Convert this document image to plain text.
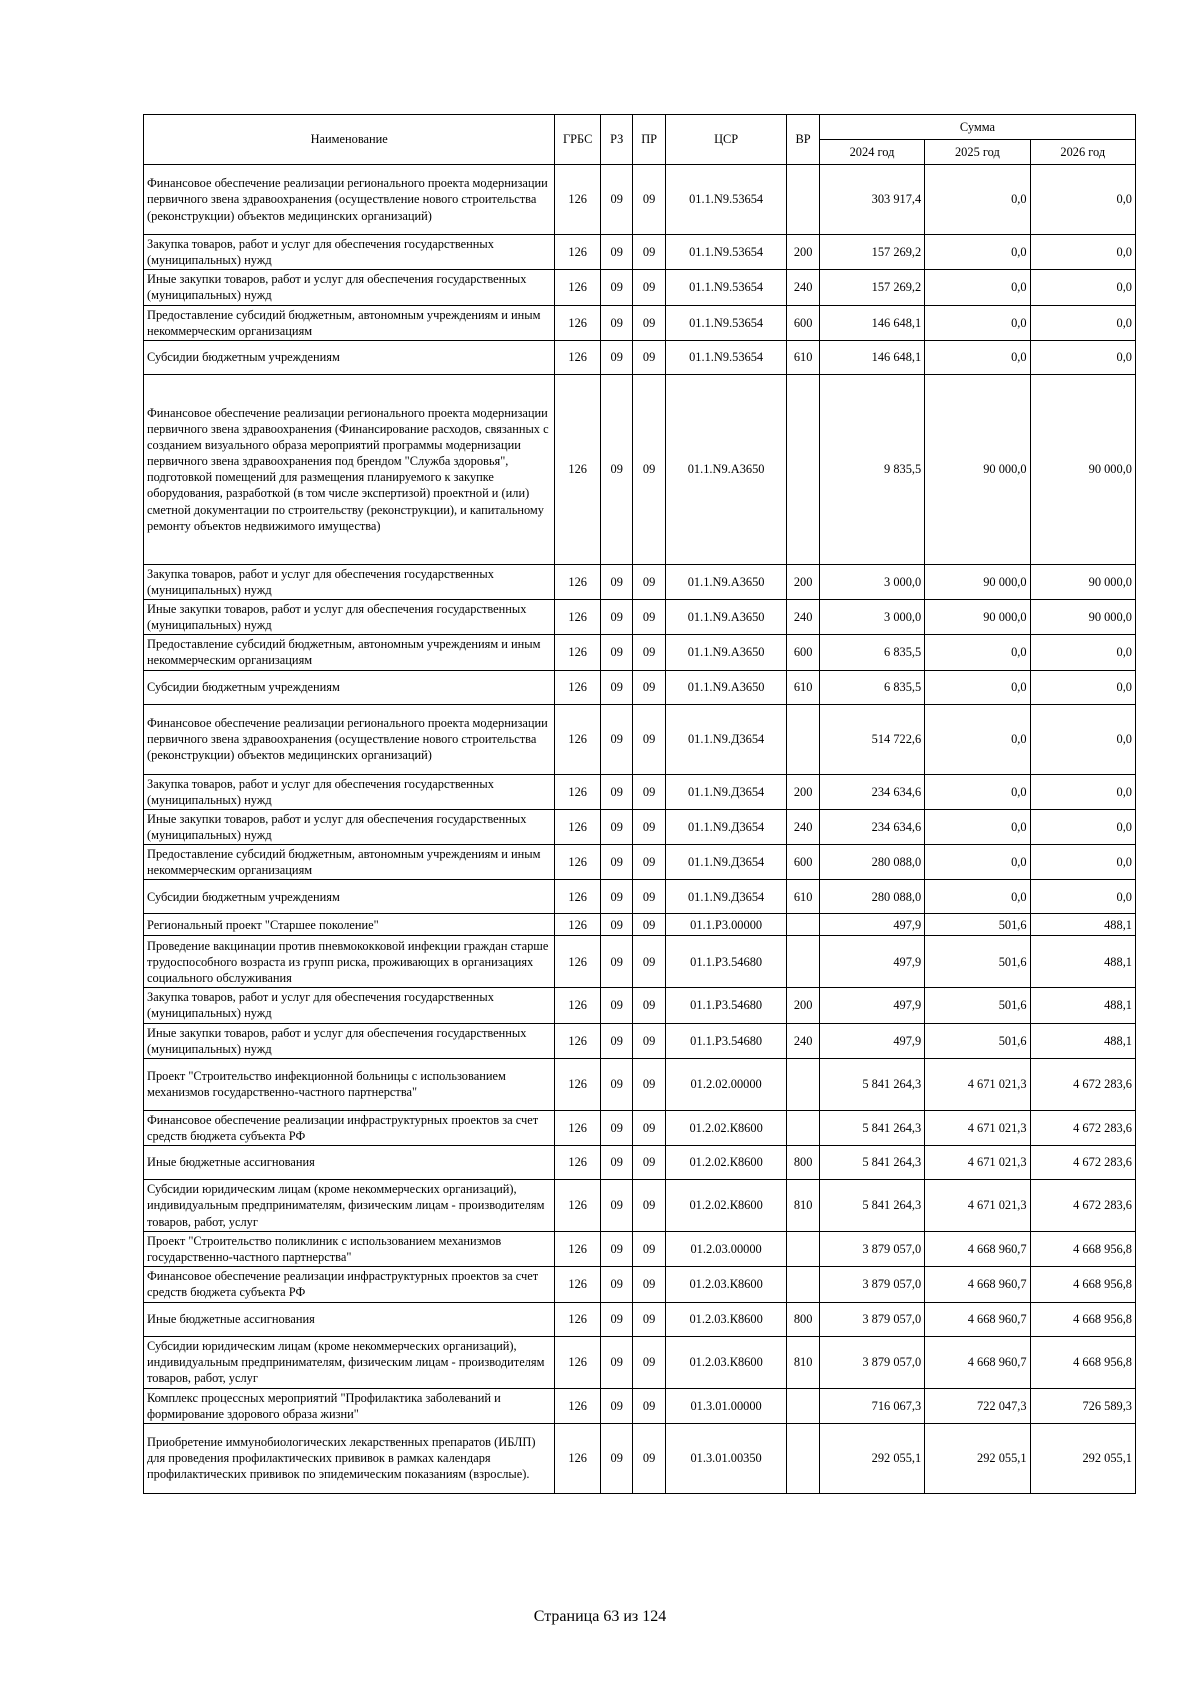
Наименование	ГРБС	РЗ	ПР	ЦСР	ВР	Сумма		
						2024 год	2025 год	2026 год
Финансовое обеспечение реализации регионального проекта модернизации первичного звена здравоохранения (осуществление нового строительства (реконструкции) объектов медицинских организаций)	126	09	09	01.1.N9.53654		303 917,4	0,0	0,0
Закупка товаров, работ и услуг для обеспечения государственных (муниципальных) нужд	126	09	09	01.1.N9.53654	200	157 269,2	0,0	0,0
Иные закупки товаров, работ и услуг для обеспечения государственных (муниципальных) нужд	126	09	09	01.1.N9.53654	240	157 269,2	0,0	0,0
Предоставление субсидий бюджетным, автономным учреждениям и иным некоммерческим организациям	126	09	09	01.1.N9.53654	600	146 648,1	0,0	0,0
Субсидии бюджетным учреждениям	126	09	09	01.1.N9.53654	610	146 648,1	0,0	0,0
Финансовое обеспечение реализации регионального проекта модернизации первичного звена здравоохранения (Финансирование расходов, связанных с созданием визуального образа мероприятий программы модернизации первичного звена здравоохранения под брендом "Служба здоровья", подготовкой помещений для размещения планируемого к закупке оборудования, разработкой (в том числе экспертизой) проектной и (или) сметной документации по строительству (реконструкции), и капитальному ремонту объектов недвижимого имущества)	126	09	09	01.1.N9.А3650		9 835,5	90 000,0	90 000,0
Закупка товаров, работ и услуг для обеспечения государственных (муниципальных) нужд	126	09	09	01.1.N9.А3650	200	3 000,0	90 000,0	90 000,0
Иные закупки товаров, работ и услуг для обеспечения государственных (муниципальных) нужд	126	09	09	01.1.N9.А3650	240	3 000,0	90 000,0	90 000,0
Предоставление субсидий бюджетным, автономным учреждениям и иным некоммерческим организациям	126	09	09	01.1.N9.А3650	600	6 835,5	0,0	0,0
Субсидии бюджетным учреждениям	126	09	09	01.1.N9.А3650	610	6 835,5	0,0	0,0
Финансовое обеспечение реализации регионального проекта модернизации первичного звена здравоохранения (осуществление нового строительства (реконструкции) объектов медицинских организаций)	126	09	09	01.1.N9.Д3654		514 722,6	0,0	0,0
Закупка товаров, работ и услуг для обеспечения государственных (муниципальных) нужд	126	09	09	01.1.N9.Д3654	200	234 634,6	0,0	0,0
Иные закупки товаров, работ и услуг для обеспечения государственных (муниципальных) нужд	126	09	09	01.1.N9.Д3654	240	234 634,6	0,0	0,0
Предоставление субсидий бюджетным, автономным учреждениям и иным некоммерческим организациям	126	09	09	01.1.N9.Д3654	600	280 088,0	0,0	0,0
Субсидии бюджетным учреждениям	126	09	09	01.1.N9.Д3654	610	280 088,0	0,0	0,0
Региональный проект "Старшее поколение"	126	09	09	01.1.P3.00000		497,9	501,6	488,1
Проведение вакцинации против пневмококковой инфекции граждан старше трудоспособного возраста из групп риска, проживающих в организациях социального обслуживания	126	09	09	01.1.P3.54680		497,9	501,6	488,1
Закупка товаров, работ и услуг для обеспечения государственных (муниципальных) нужд	126	09	09	01.1.P3.54680	200	497,9	501,6	488,1
Иные закупки товаров, работ и услуг для обеспечения государственных (муниципальных) нужд	126	09	09	01.1.P3.54680	240	497,9	501,6	488,1
Проект "Строительство инфекционной больницы с использованием механизмов государственно-частного партнерства"	126	09	09	01.2.02.00000		5 841 264,3	4 671 021,3	4 672 283,6
Финансовое обеспечение реализации инфраструктурных проектов за счет средств бюджета субъекта РФ	126	09	09	01.2.02.К8600		5 841 264,3	4 671 021,3	4 672 283,6
Иные бюджетные ассигнования	126	09	09	01.2.02.К8600	800	5 841 264,3	4 671 021,3	4 672 283,6
Субсидии юридическим лицам (кроме некоммерческих организаций), индивидуальным предпринимателям, физическим лицам - производителям товаров, работ, услуг	126	09	09	01.2.02.К8600	810	5 841 264,3	4 671 021,3	4 672 283,6
Проект "Строительство поликлиник с использованием механизмов государственно-частного партнерства"	126	09	09	01.2.03.00000		3 879 057,0	4 668 960,7	4 668 956,8
Финансовое обеспечение реализации инфраструктурных проектов за счет средств бюджета субъекта РФ	126	09	09	01.2.03.К8600		3 879 057,0	4 668 960,7	4 668 956,8
Иные бюджетные ассигнования	126	09	09	01.2.03.К8600	800	3 879 057,0	4 668 960,7	4 668 956,8
Субсидии юридическим лицам (кроме некоммерческих организаций), индивидуальным предпринимателям, физическим лицам - производителям товаров, работ, услуг	126	09	09	01.2.03.К8600	810	3 879 057,0	4 668 960,7	4 668 956,8
Комплекс процессных мероприятий "Профилактика заболеваний и формирование здорового образа жизни"	126	09	09	01.3.01.00000		716 067,3	722 047,3	726 589,3
Приобретение иммунобиологических лекарственных препаратов (ИБЛП) для проведения профилактических прививок в рамках календаря профилактических прививок по эпидемическим показаниям (взрослые).	126	09	09	01.3.01.00350		292 055,1	292 055,1	292 055,1
Страница 63 из 124
